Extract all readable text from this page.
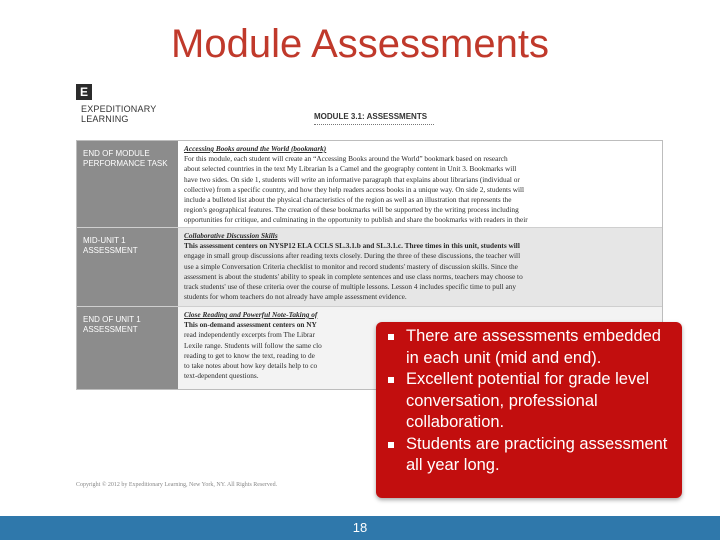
Module Assessments
E
EXPEDITIONARY
LEARNING	MODULE 3.1: ASSESSMENTS
END OF MODULE
PERFORMANCE TASK
Accessing Books around the World (bookmark)
For this module, each student will create an “Accessing Books around the World” bookmark based on research
about selected countries in the text My Librarian Is a Camel and the geography content in Unit 3. Bookmarks will
have two sides. On side 1, students will write an informative paragraph that explains about librarians (individual or
collective) from a specific country, and how they help readers access books in a unique way. On side 2, students will
include a bulleted list about the physical characteristics of the region as well as an illustration that represents the
region's geographical features. The creation of these bookmarks will be supported by the writing process including
opportunities for critique, and culminating in the opportunity to publish and share the bookmarks with readers in their
MID-UNIT 1
ASSESSMENT
Collaborative Discussion Skills
This assessment centers on NYSP12 ELA CCLS SL.3.1.b and SL.3.1.c. Three times in this unit, students will
engage in small group discussions after reading texts closely. During the three of these discussions, the teacher will
use a simple Conversation Criteria checklist to monitor and record students' mastery of discussion skills. Since the
assessment is about the students' ability to speak in complete sentences and use class norms, teachers may choose to
track students' use of these criteria over the course of multiple lessons. Lesson 4 includes specific time to pull any
students for whom teachers do not already have ample assessment evidence.
END OF UNIT 1
ASSESSMENT
Close Reading and Powerful Note-Taking of
This on-demand assessment centers on NY
read independently excerpts from The Librar
Lexile range. Students will follow the same clo
reading to get to know the text, reading to de
to take notes about how key details help to co
text-dependent questions.
Copyright © 2012 by Expeditionary Learning, New York, NY. All Rights Reserved.
There are assessments embedded in each unit (mid and end).
Excellent potential for grade level conversation, professional collaboration.
Students are practicing assessment all year long.
18
